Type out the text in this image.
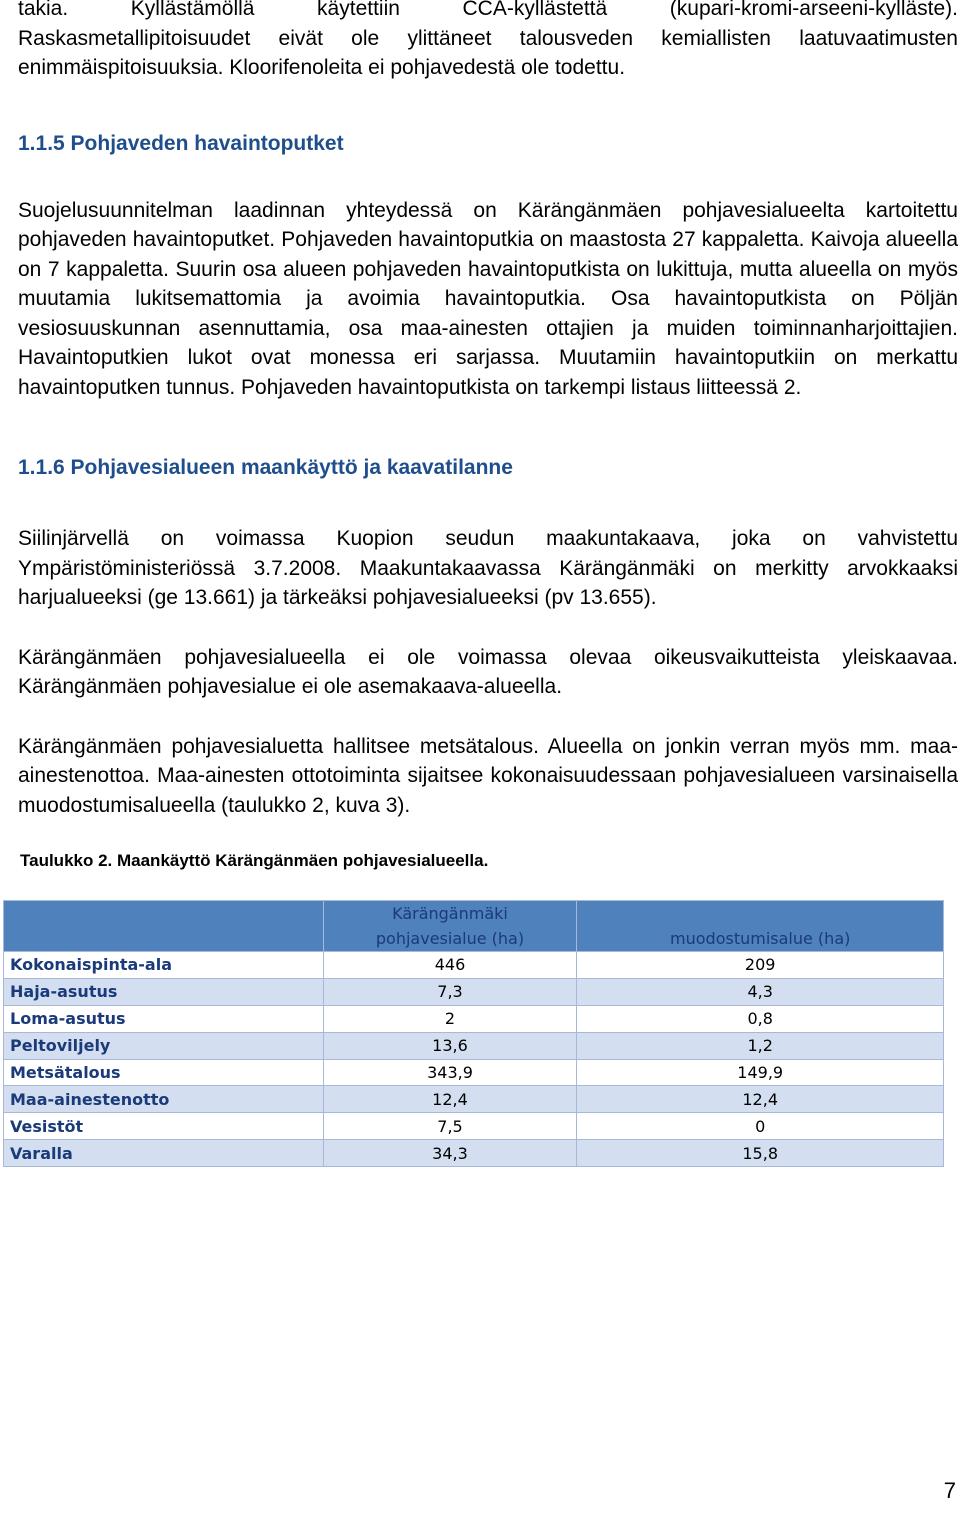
takia. Kyllästämöllä käytettiin CCA-kyllästettä (kupari-kromi-arseeni-kylläste). Raskasmetallipitoisuudet eivät ole ylittäneet talousveden kemiallisten laatuvaatimusten enimmäispitoisuuksia. Kloorifenoleita ei pohjavedestä ole todettu.

1.1.5 Pohjaveden havaintoputket

Suojelusuunnitelman laadinnan yhteydessä on Kärängänmäen pohjavesialueelta kartoitettu pohjaveden havaintoputket. Pohjaveden havaintoputkia on maastosta 27 kappaletta. Kaivoja alueella on 7 kappaletta. Suurin osa alueen pohjaveden havaintoputkista on lukittuja, mutta alueella on myös muutamia lukitsemattomia ja avoimia havaintoputkia. Osa havaintoputkista on Pöljän vesiosuuskunnan asennuttamia, osa maa-ainesten ottajien ja muiden toiminnanharjoittajien. Havaintoputkien lukot ovat monessa eri sarjassa. Muutamiin havaintoputkiin on merkattu havaintoputken tunnus. Pohjaveden havaintoputkista on tarkempi listaus liitteessä 2.

1.1.6 Pohjavesialueen maankäyttö ja kaavatilanne

Siilinjärvellä on voimassa Kuopion seudun maakuntakaava, joka on vahvistettu Ympäristöministeriössä 3.7.2008. Maakuntakaavassa Kärängänmäki on merkitty arvokkaaksi harjualueeksi (ge 13.661) ja tärkeäksi pohjavesialueeksi (pv 13.655).

Kärängänmäen pohjavesialueella ei ole voimassa olevaa oikeusvaikutteista yleiskaavaa. Kärängänmäen pohjavesialue ei ole asemakaava-alueella.

Kärängänmäen pohjavesialuetta hallitsee metsätalous. Alueella on jonkin verran myös mm. maa-ainestenottoa. Maa-ainesten ottotoiminta sijaitsee kokonaisuudessaan pohjavesialueen varsinaisella muodostumisalueella (taulukko 2, kuva 3).

Taulukko 2. Maankäyttö Kärängänmäen pohjavesialueella.

	Kärängänmäki
pohjavesialue (ha)	muodostumisalue (ha)
Kokonaispinta-ala	446	209
Haja-asutus	7,3	4,3
Loma-asutus	2	0,8
Peltoviljely	13,6	1,2
Metsätalous	343,9	149,9
Maa-ainestenotto	12,4	12,4
Vesistöt	7,5	0
Varalla	34,3	15,8
7
